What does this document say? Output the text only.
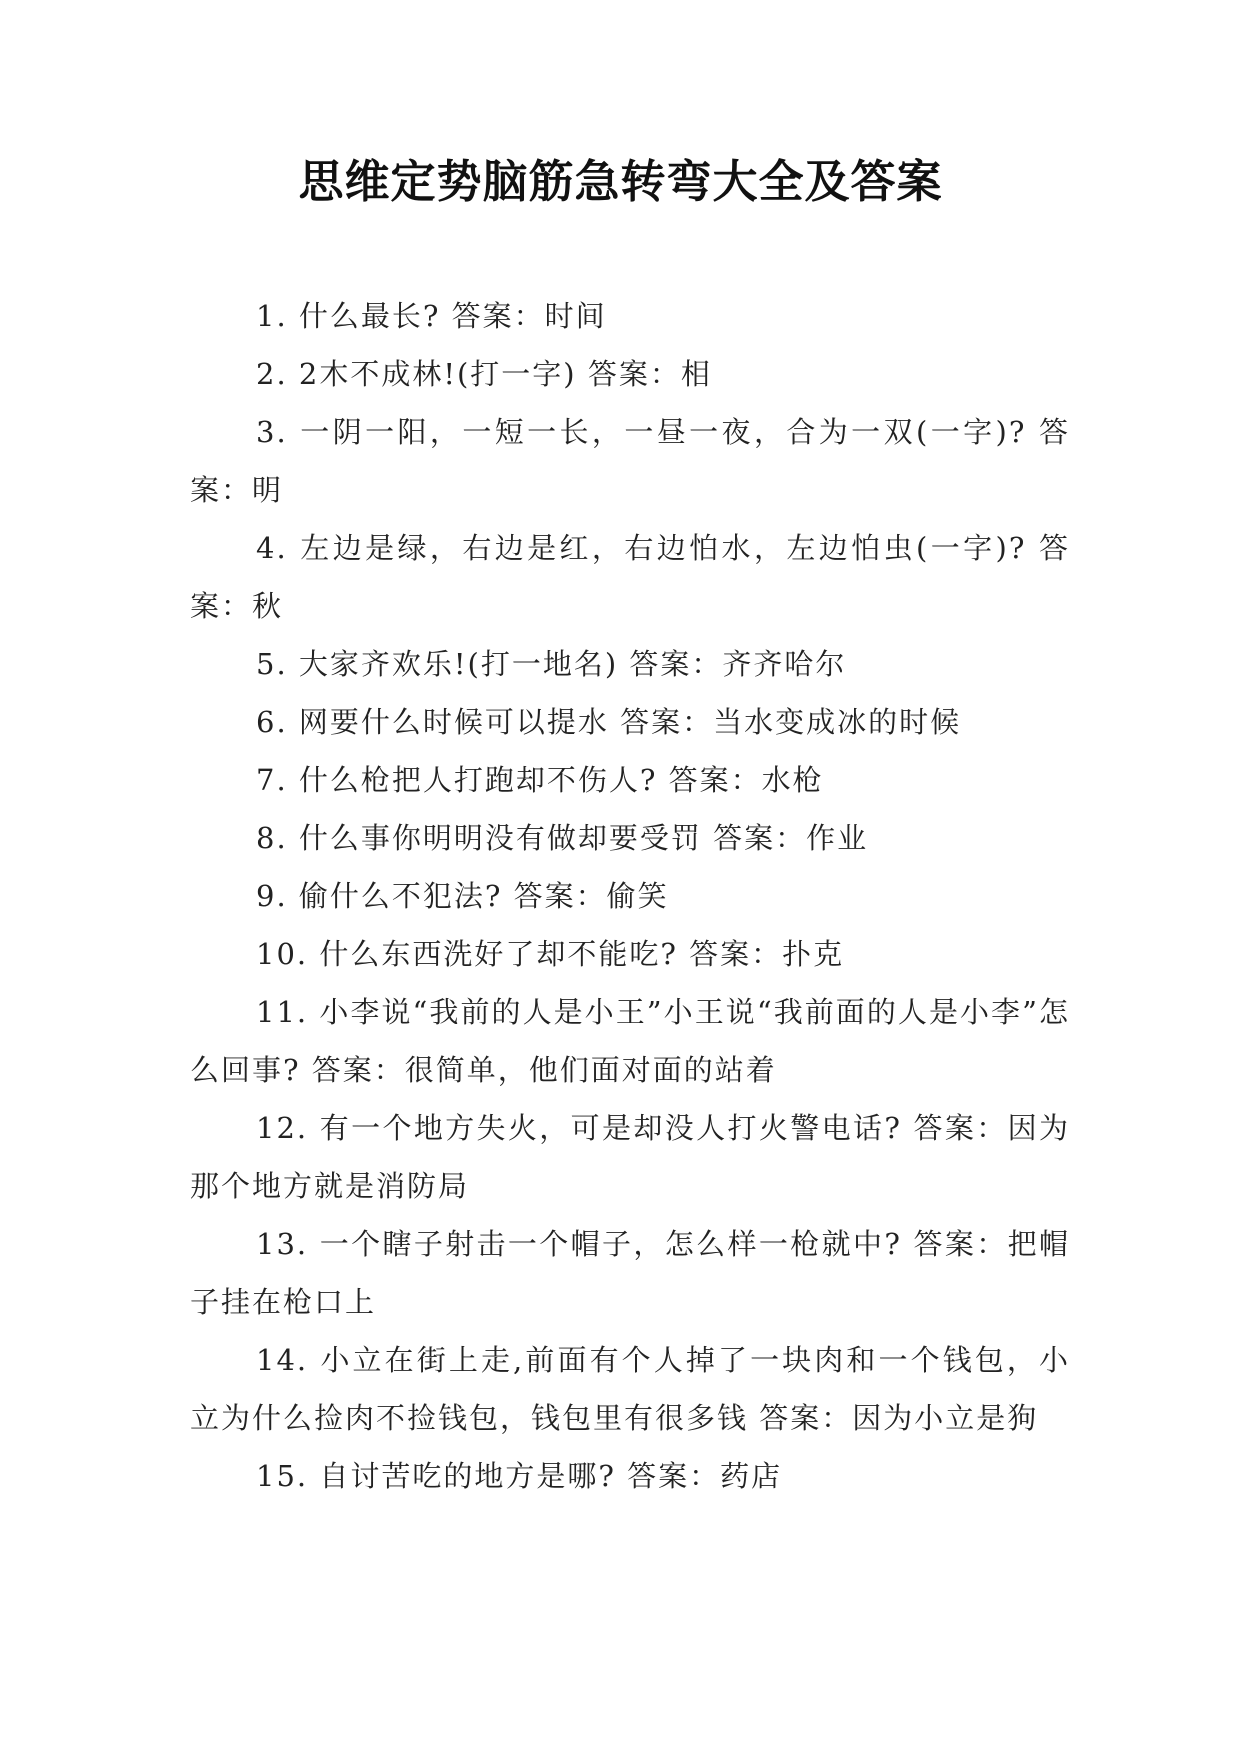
思维定势脑筋急转弯大全及答案

1. 什么最长? 答案：时间

2. 2木不成林!(打一字) 答案：相

3. 一阴一阳，一短一长，一昼一夜，合为一双(一字)? 答案：明

4. 左边是绿，右边是红，右边怕水，左边怕虫(一字)? 答案：秋

5. 大家齐欢乐!(打一地名) 答案：齐齐哈尔

6. 网要什么时候可以提水 答案：当水变成冰的时候

7. 什么枪把人打跑却不伤人? 答案：水枪

8. 什么事你明明没有做却要受罚 答案：作业

9. 偷什么不犯法? 答案：偷笑

10. 什么东西洗好了却不能吃? 答案：扑克

11. 小李说“我前的人是小王”小王说“我前面的人是小李”怎么回事? 答案：很简单，他们面对面的站着

12. 有一个地方失火，可是却没人打火警电话? 答案：因为那个地方就是消防局

13. 一个瞎子射击一个帽子，怎么样一枪就中? 答案：把帽子挂在枪口上

14. 小立在街上走,前面有个人掉了一块肉和一个钱包，小立为什么捡肉不捡钱包，钱包里有很多钱 答案：因为小立是狗

15. 自讨苦吃的地方是哪? 答案：药店
